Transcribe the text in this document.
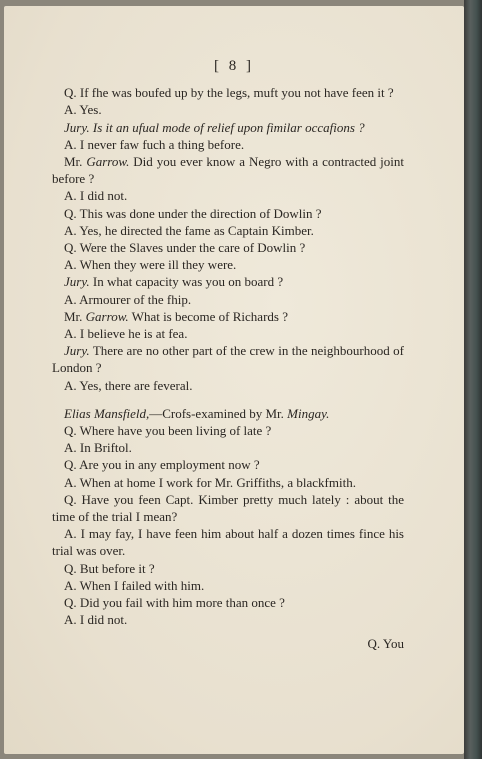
[ 8 ]

Q. If fhe was boufed up by the legs, muft you not have feen it ?

A. Yes.

Jury. Is it an ufual mode of relief upon fimilar occafions ?

A. I never faw fuch a thing before.

Mr. Garrow. Did you ever know a Negro with a contracted joint before ?

A. I did not.

Q. This was done under the direction of Dowlin ?

A. Yes, he directed the fame as Captain Kimber.

Q. Were the Slaves under the care of Dowlin ?

A. When they were ill they were.

Jury. In what capacity was you on board ?

A. Armourer of the fhip.

Mr. Garrow. What is become of Richards ?

A. I believe he is at fea.

Jury. There are no other part of the crew in the neighbourhood of London ?

A. Yes, there are feveral.

Elias Mansfield,—Crofs-examined by Mr. Mingay.

Q. Where have you been living of late ?

A. In Briftol.

Q. Are you in any employment now ?

A. When at home I work for Mr. Griffiths, a blackfmith.

Q. Have you feen Capt. Kimber pretty much lately : about the time of the trial I mean?

A. I may fay, I have feen him about half a dozen times fince his trial was over.

Q. But before it ?

A. When I failed with him.

Q. Did you fail with him more than once ?

A. I did not.

Q. You
